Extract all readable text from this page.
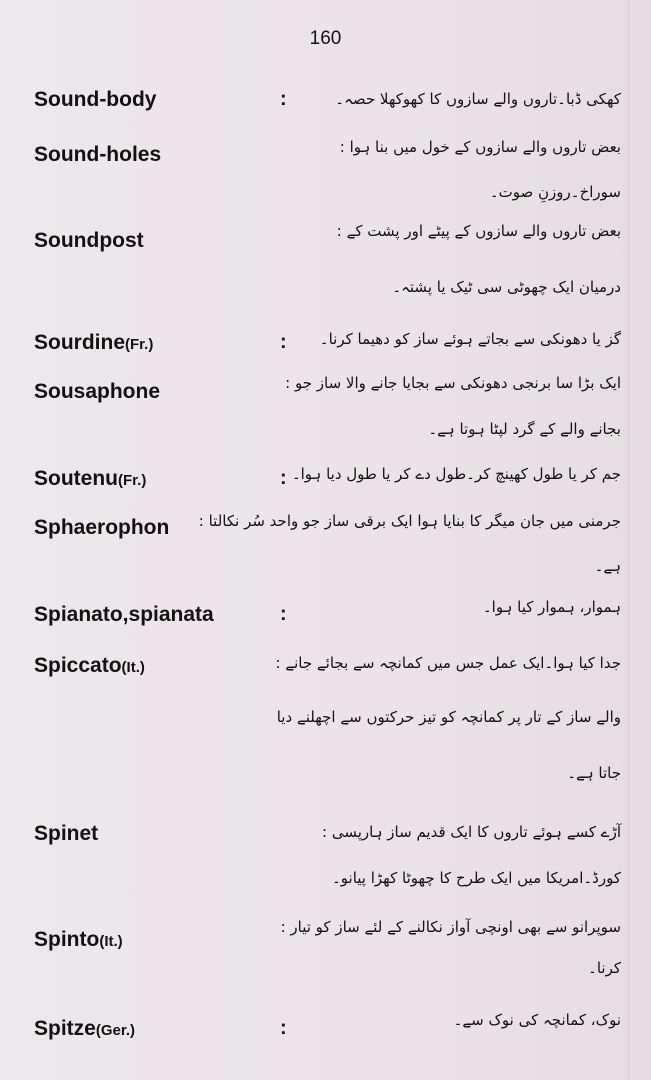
160
Sound-body	:	کھکی ڈبا۔تاروں والے سازوں کا کھوکھلا حصہ۔
Sound-holes	بعض تاروں والے سازوں کے خول میں بنا ہوا :
سوراخ۔روزنِ صوت۔
Soundpost	بعض تاروں والے سازوں کے پیٹے اور پشت کے :
درمیان ایک چھوٹی سی ٹیک یا پشتہ۔
Sourdine(Fr.)	: گز یا دھونکی سے بجاتے ہوئے ساز کو دھیما کرنا۔
Sousaphone	ایک بڑا سا برنجی دھونکی سے بجایا جانے والا ساز جو :
بجانے والے کے گرد لپٹا ہوتا ہے۔
Soutenu(Fr.)	: جم کر یا طول کھینچ کر۔طول دے کر یا طول دیا ہوا۔
Sphaerophon جرمنی میں جان میگر کا بنایا ہوا ایک برقی ساز جو واحد سُر نکالتا :
ہے۔
Spianato,spianata	:	ہموار، ہموار کیا ہوا۔
Spiccato(It.)	جدا کیا ہوا۔ایک عمل جس میں کمانچہ سے بجائے جانے :
والے ساز کے تار پر کمانچہ کو تیز حرکتوں سے اچھلنے دیا
جاتا ہے۔
Spinet	آڑے کسے ہوئے تاروں کا ایک قدیم ساز ہارپسی :
کورڈ۔امریکا میں ایک طرح کا چھوٹا کھڑا پیانو۔
Spinto(It.)
سوپرانو سے بھی اونچی آواز نکالنے کے لئے ساز کو تیار :
کرنا۔
Spitze(Ger.)	:	نوک، کمانچہ کی نوک سے۔
